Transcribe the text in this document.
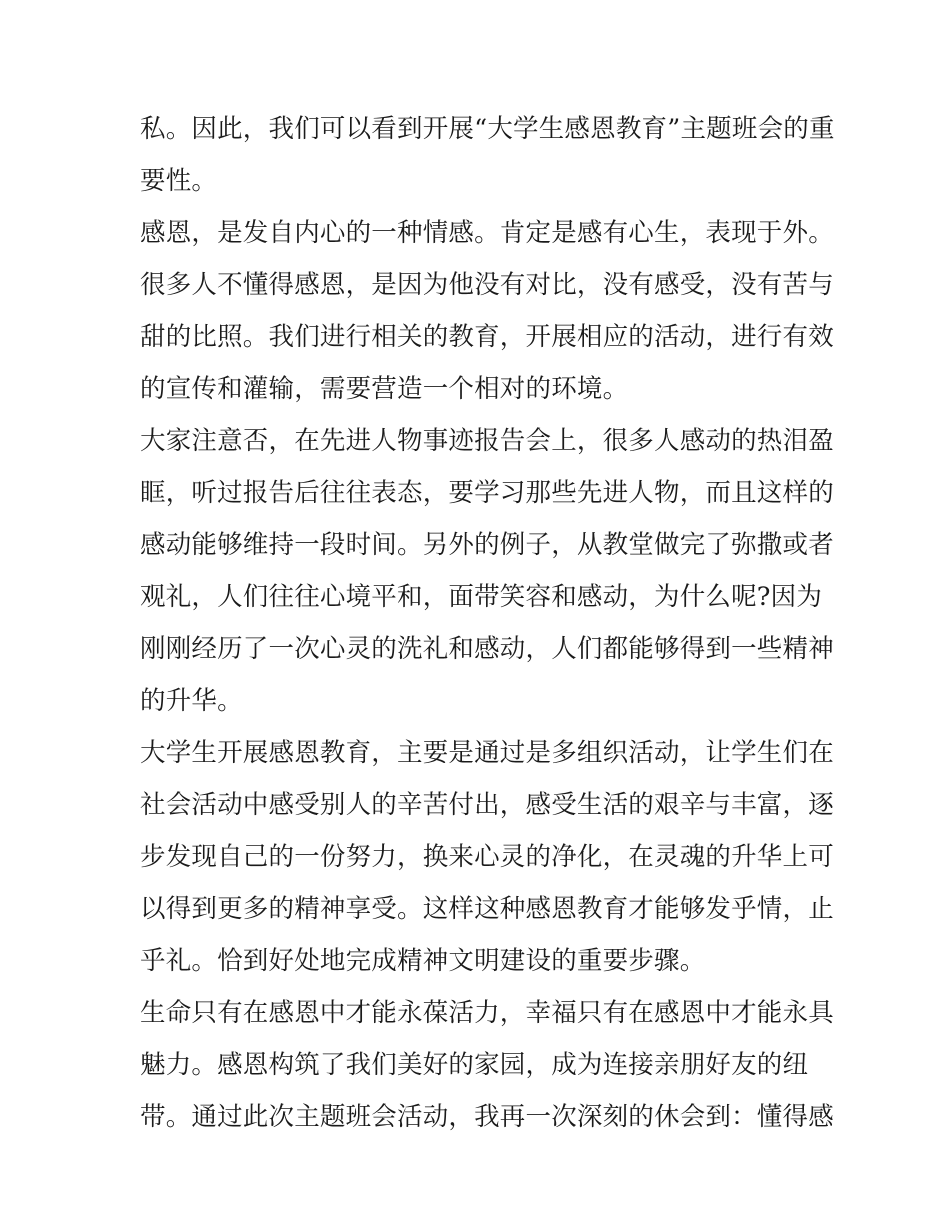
私。因此，我们可以看到开展“大学生感恩教育”主题班会的重
要性。
感恩，是发自内心的一种情感。肯定是感有心生，表现于外。
很多人不懂得感恩，是因为他没有对比，没有感受，没有苦与
甜的比照。我们进行相关的教育，开展相应的活动，进行有效
的宣传和灌输，需要营造一个相对的环境。
大家注意否，在先进人物事迹报告会上，很多人感动的热泪盈
眶，听过报告后往往表态，要学习那些先进人物，而且这样的
感动能够维持一段时间。另外的例子，从教堂做完了弥撒或者
观礼，人们往往心境平和，面带笑容和感动，为什么呢?因为
刚刚经历了一次心灵的洗礼和感动，人们都能够得到一些精神
的升华。
大学生开展感恩教育，主要是通过是多组织活动，让学生们在
社会活动中感受别人的辛苦付出，感受生活的艰辛与丰富，逐
步发现自己的一份努力，换来心灵的净化，在灵魂的升华上可
以得到更多的精神享受。这样这种感恩教育才能够发乎情，止
乎礼。恰到好处地完成精神文明建设的重要步骤。
生命只有在感恩中才能永葆活力，幸福只有在感恩中才能永具
魅力。感恩构筑了我们美好的家园，成为连接亲朋好友的纽
带。通过此次主题班会活动，我再一次深刻的休会到：懂得感
